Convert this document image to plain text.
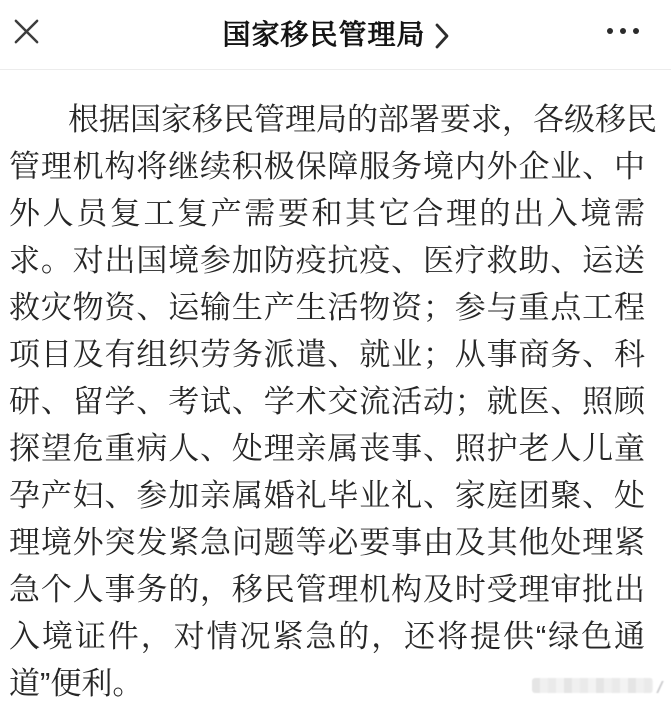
国家移民管理局
根据国家移民管理局的部署要求，各级移民
管理机构将继续积极保障服务境内外企业、中
外人员复工复产需要和其它合理的出入境需
求。对出国境参加防疫抗疫、医疗救助、运送
救灾物资、运输生产生活物资；参与重点工程
项目及有组织劳务派遣、就业；从事商务、科
研、留学、考试、学术交流活动；就医、照顾
探望危重病人、处理亲属丧事、照护老人儿童
孕产妇、参加亲属婚礼毕业礼、家庭团聚、处
理境外突发紧急问题等必要事由及其他处理紧
急个人事务的，移民管理机构及时受理审批出
入境证件，对情况紧急的，还将提供“绿色通
道”便利。
